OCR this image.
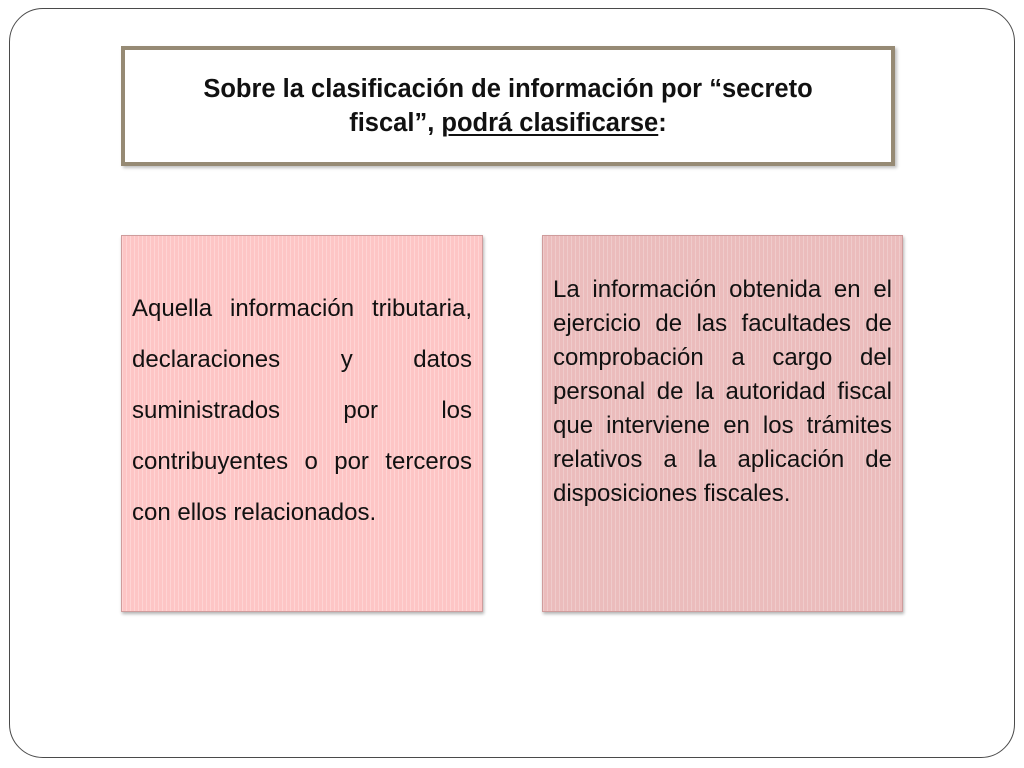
Sobre la clasificación de información por “secreto fiscal”, podrá clasificarse:

Aquella información tributaria, declaraciones y datos suministrados por los contribuyentes o por terceros con ellos relacionados.

La información obtenida en el ejercicio de las facultades de comprobación a cargo del personal de la autoridad fiscal que interviene en los trámites relativos a la aplicación de disposiciones fiscales.
